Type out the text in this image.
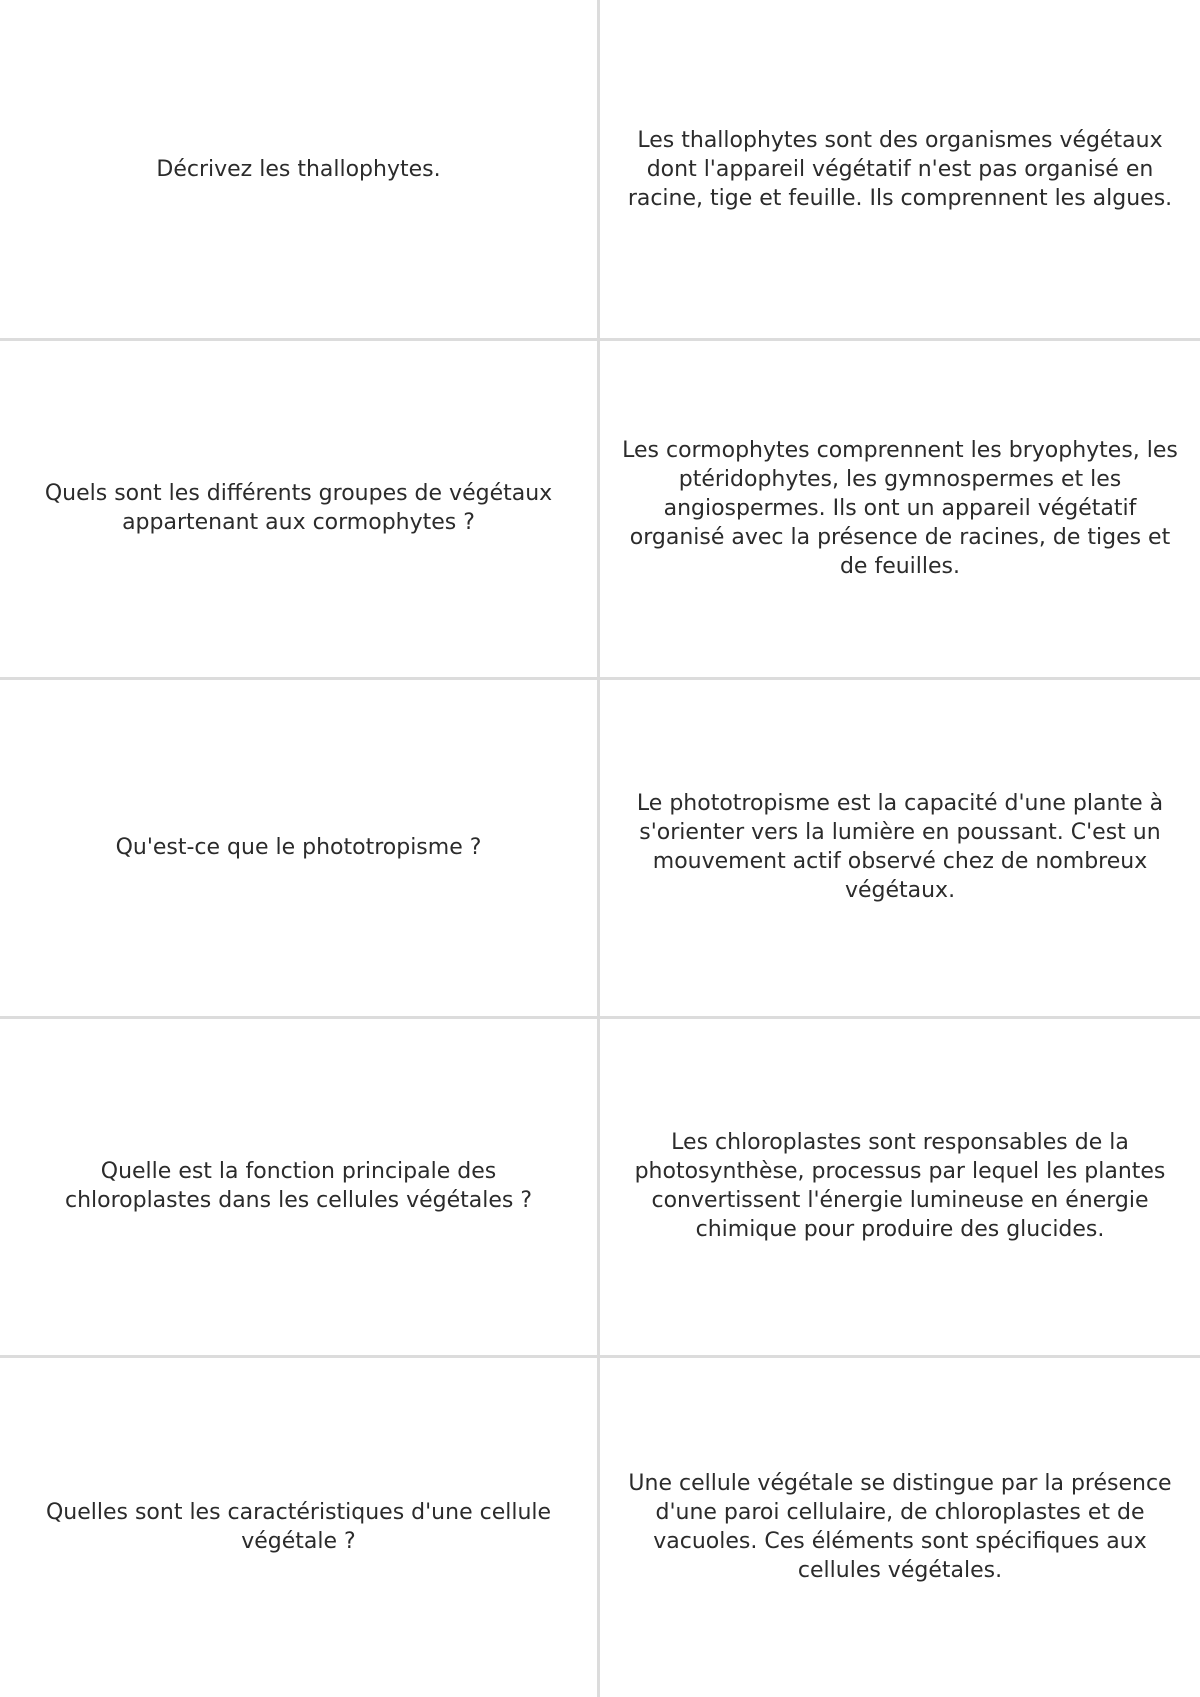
Décrivez les thallophytes.
Les thallophytes sont des organismes végétaux dont l'appareil végétatif n'est pas organisé en racine, tige et feuille. Ils comprennent les algues.
Quels sont les différents groupes de végétaux appartenant aux cormophytes ?
Les cormophytes comprennent les bryophytes, les ptéridophytes, les gymnospermes et les angiospermes. Ils ont un appareil végétatif organisé avec la présence de racines, de tiges et de feuilles.
Qu'est-ce que le phototropisme ?
Le phototropisme est la capacité d'une plante à s'orienter vers la lumière en poussant. C'est un mouvement actif observé chez de nombreux végétaux.
Quelle est la fonction principale des chloroplastes dans les cellules végétales ?
Les chloroplastes sont responsables de la photosynthèse, processus par lequel les plantes convertissent l'énergie lumineuse en énergie chimique pour produire des glucides.
Quelles sont les caractéristiques d'une cellule végétale ?
Une cellule végétale se distingue par la présence d'une paroi cellulaire, de chloroplastes et de vacuoles. Ces éléments sont spécifiques aux cellules végétales.
